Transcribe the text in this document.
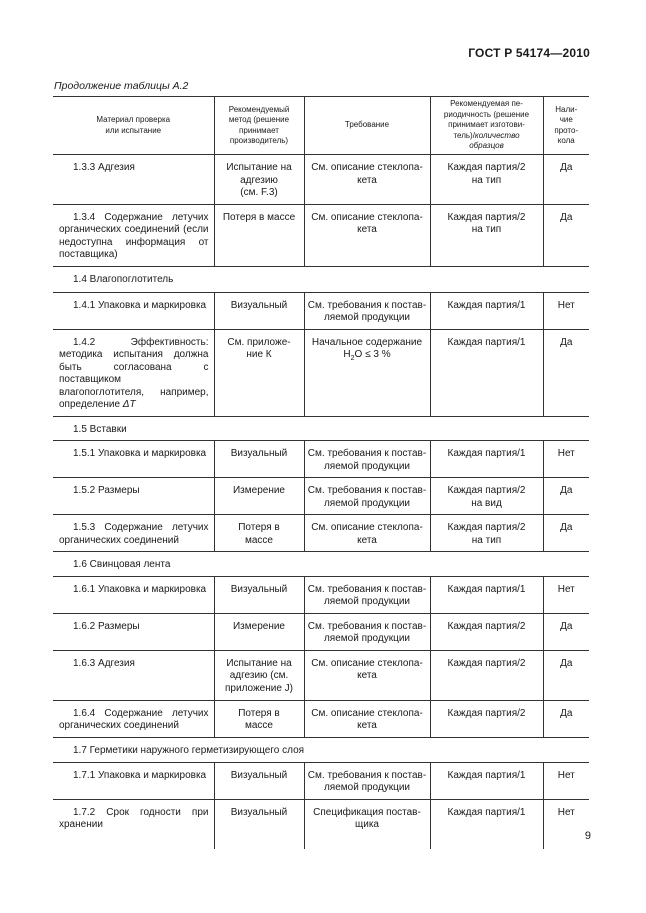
ГОСТ Р 54174—2010
Продолжение таблицы А.2
Материал проверка
или испытание	Рекомендуемый
метод (решение
принимает
производитель)	Требование	Рекомендуемая пе-
риодичность (решение
принимает изготови-
тель)/количество
образцов	Нали-
чие
прото-
кола
1.3.3 Адгезия	Испытание на
адгезию
(см. F.3)	См. описание стеклопа-
кета	Каждая партия/2
на тип	Да
1.3.4 Содержание летучих органических соединений (если недоступна информация от поставщика)	Потеря в массе	См. описание стеклопа-
кета	Каждая партия/2
на тип	Да
1.4 Влагопоглотитель				
1.4.1 Упаковка и маркировка	Визуальный	См. требования к постав-
ляемой продукции	Каждая партия/1	Нет
1.4.2 Эффективность: методика испытания должна быть согласована с поставщиком влагопоглотителя, например, определение ΔT	См. приложе-
ние К	Начальное содержание
$H_2O \le 3$ %	Каждая партия/1	Да
1.5 Вставки				
1.5.1 Упаковка и маркировка	Визуальный	См. требования к постав-
ляемой продукции	Каждая партия/1	Нет
1.5.2 Размеры	Измерение	См. требования к постав-
ляемой продукции	Каждая партия/2
на вид	Да
1.5.3 Содержание летучих органических соединений	Потеря в
массе	См. описание стеклопа-
кета	Каждая партия/2
на тип	Да
1.6 Свинцовая лента				
1.6.1 Упаковка и маркировка	Визуальный	См. требования к постав-
ляемой продукции	Каждая партия/1	Нет
1.6.2 Размеры	Измерение	См. требования к постав-
ляемой продукции	Каждая партия/2	Да
1.6.3 Адгезия	Испытание на
адгезию (см.
приложение J)	См. описание стеклопа-
кета	Каждая партия/2	Да
1.6.4 Содержание летучих органических соединений	Потеря в
массе	См. описание стеклопа-
кета	Каждая партия/2	Да
1.7 Герметики наружного герметизирующего слоя				
1.7.1 Упаковка и маркировка	Визуальный	См. требования к постав-
ляемой продукции	Каждая партия/1	Нет
1.7.2 Срок годности при хранении	Визуальный	Спецификация постав-
щика	Каждая партия/1	Нет
9
